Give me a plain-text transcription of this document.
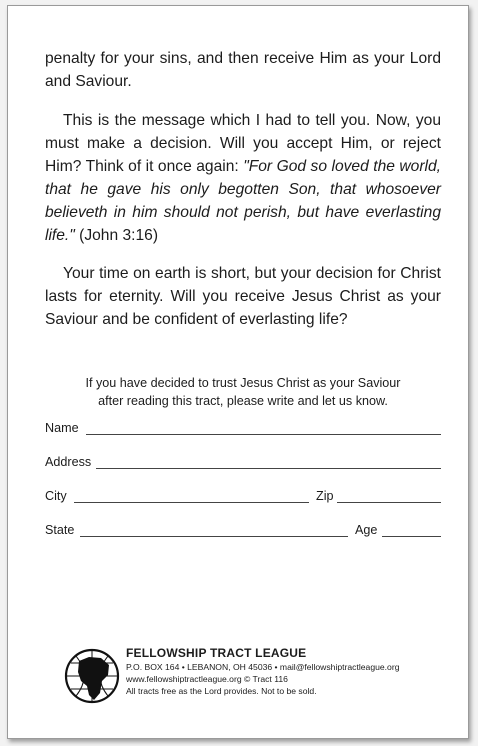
penalty for your sins, and then receive Him as your Lord and Saviour.

This is the message which I had to tell you. Now, you must make a decision. Will you accept Him, or reject Him? Think of it once again: "For God so loved the world, that he gave his only begotten Son, that whosoever believeth in him should not perish, but have everlasting life." (John 3:16)

Your time on earth is short, but your decision for Christ lasts for eternity. Will you receive Jesus Christ as your Saviour and be confident of everlasting life?

If you have decided to trust Jesus Christ as your Saviour
after reading this tract, please write and let us know.

Name
Address
City	Zip
State	Age

FELLOWSHIP TRACT LEAGUE

P.O. BOX 164 • LEBANON, OH 45036 • mail@fellowshiptractleague.org

www.fellowshiptractleague.org © Tract 116

All tracts free as the Lord provides. Not to be sold.
